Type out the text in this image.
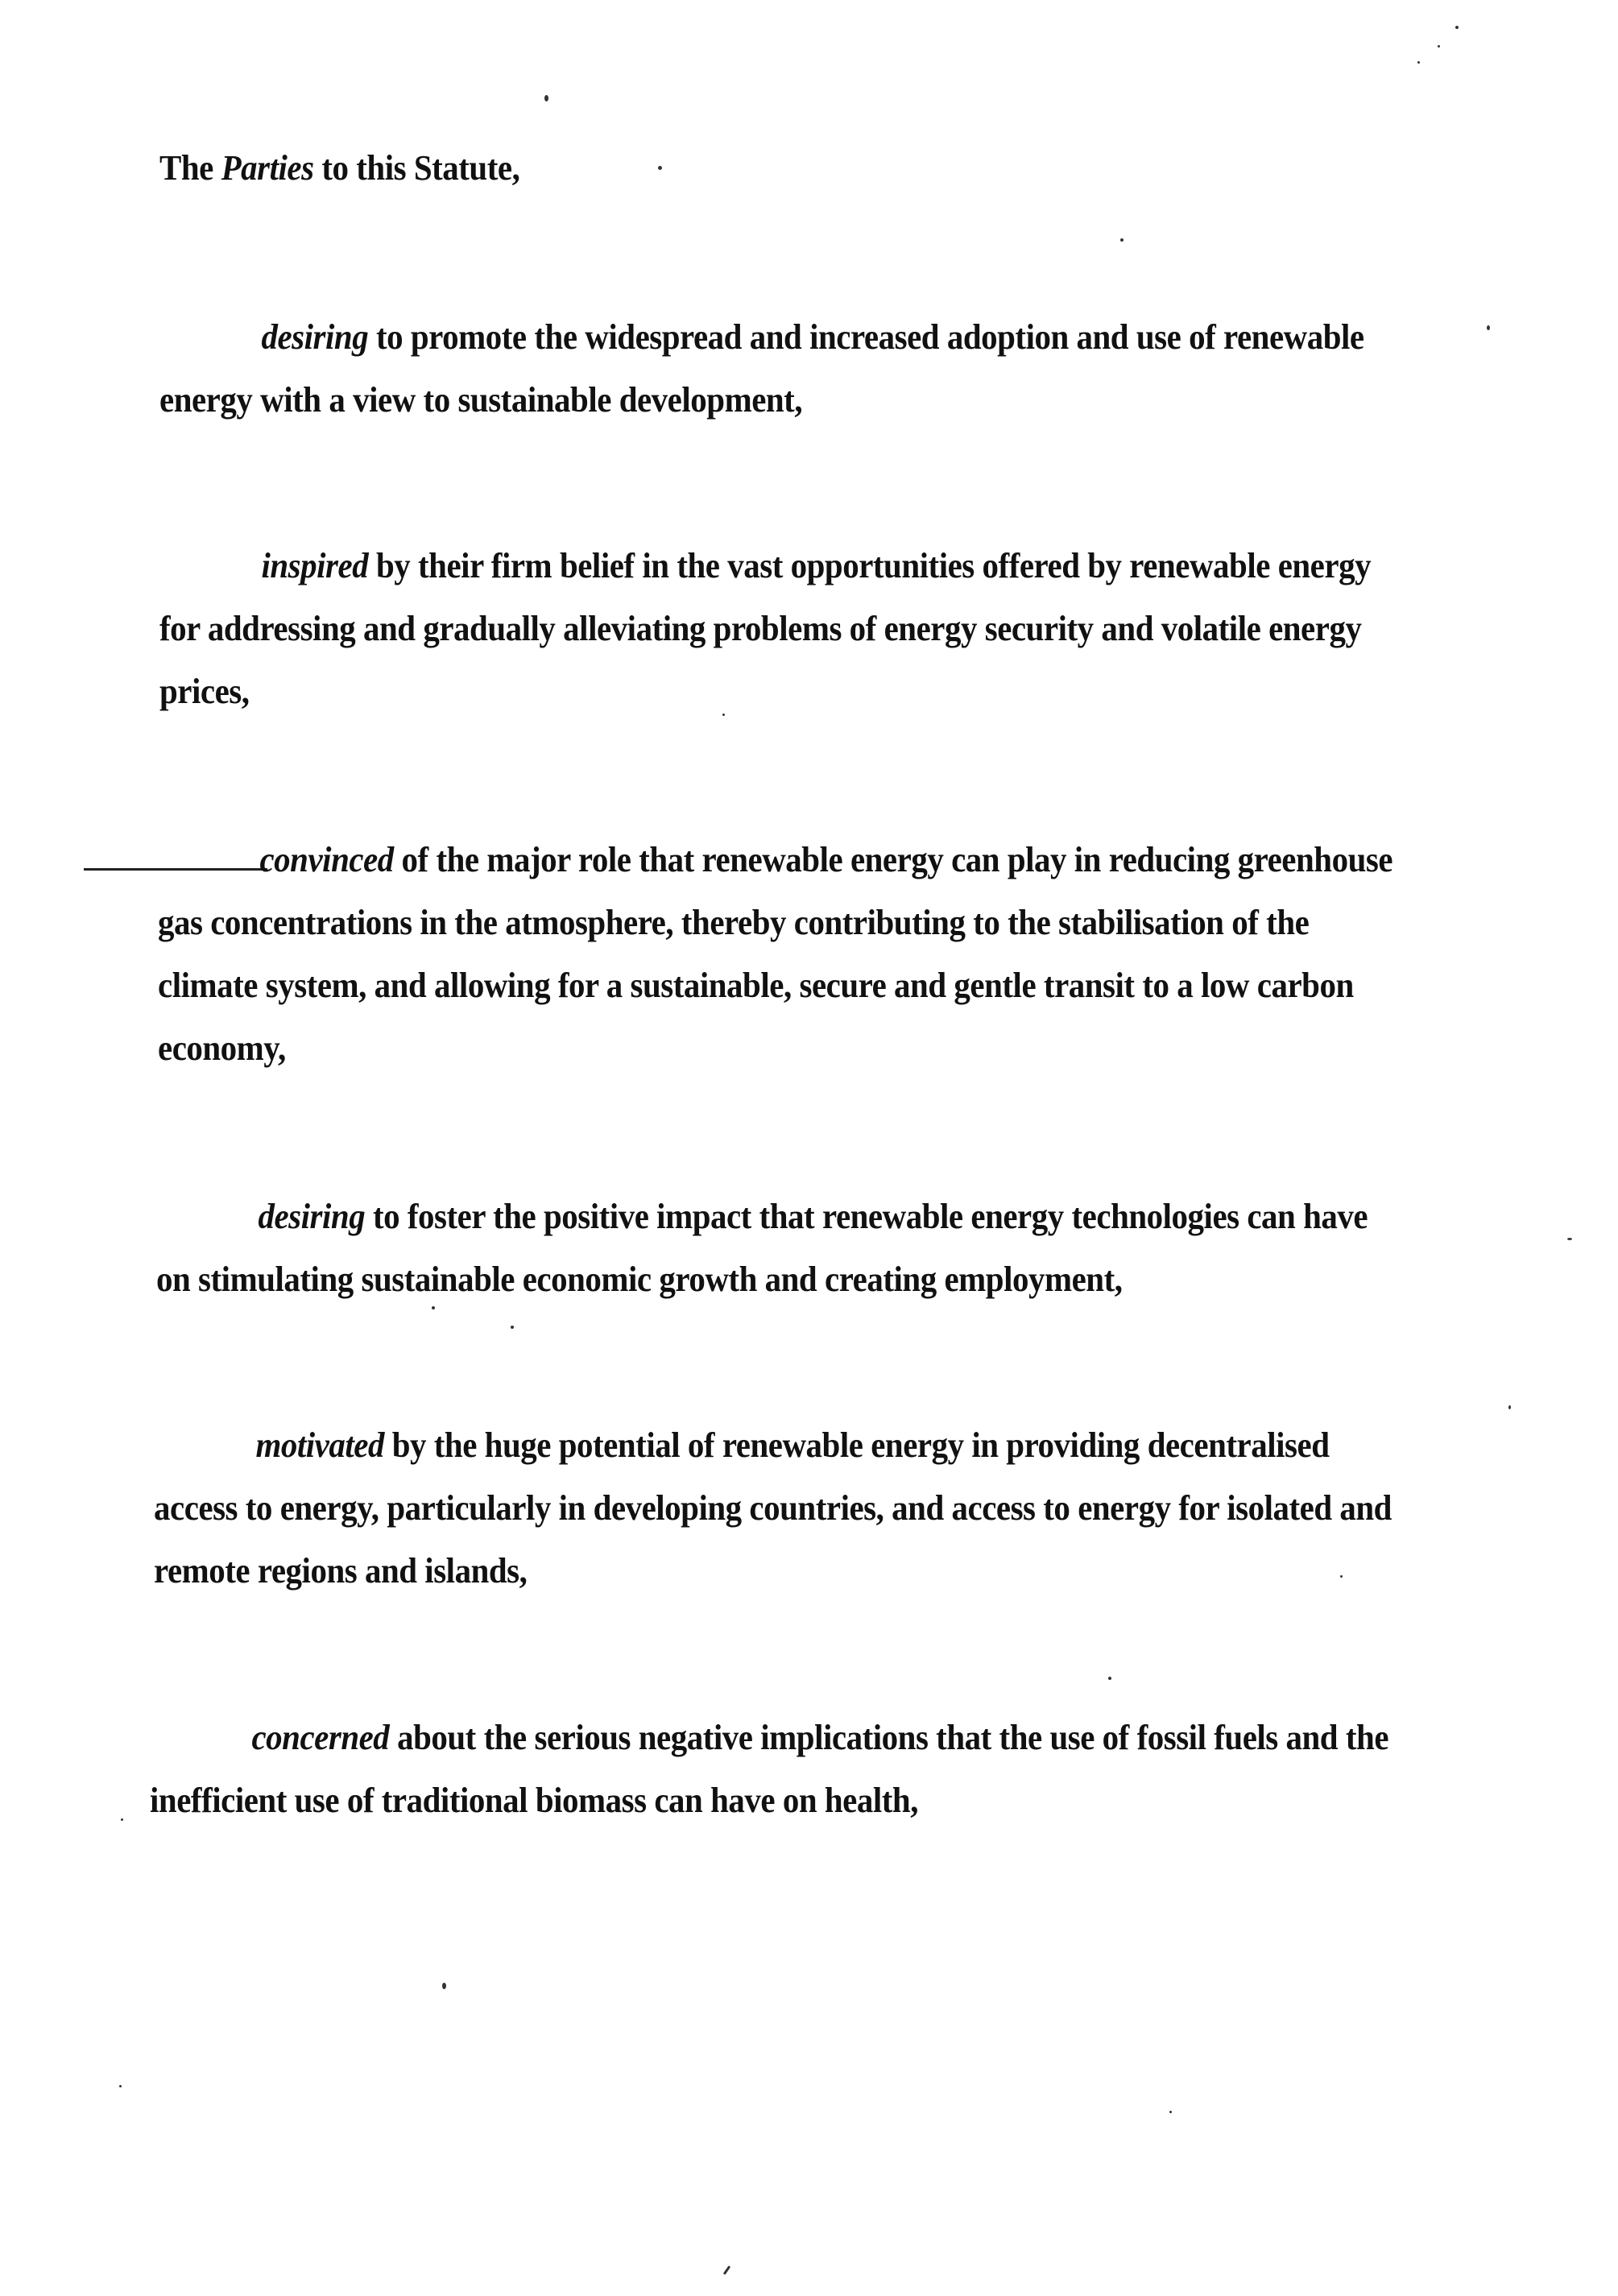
The Parties to this Statute,
desiring to promote the widespread and increased adoption and use of renewable
energy with a view to sustainable development,
inspired by their firm belief in the vast opportunities offered by renewable energy
for addressing and gradually alleviating problems of energy security and volatile energy
prices,
convinced of the major role that renewable energy can play in reducing greenhouse
gas concentrations in the atmosphere, thereby contributing to the stabilisation of the
climate system, and allowing for a sustainable, secure and gentle transit to a low carbon
economy,
desiring to foster the positive impact that renewable energy technologies can have
on stimulating sustainable economic growth and creating employment,
motivated by the huge potential of renewable energy in providing decentralised
access to energy, particularly in developing countries, and access to energy for isolated and
remote regions and islands,
concerned about the serious negative implications that the use of fossil fuels and the
inefficient use of traditional biomass can have on health,
